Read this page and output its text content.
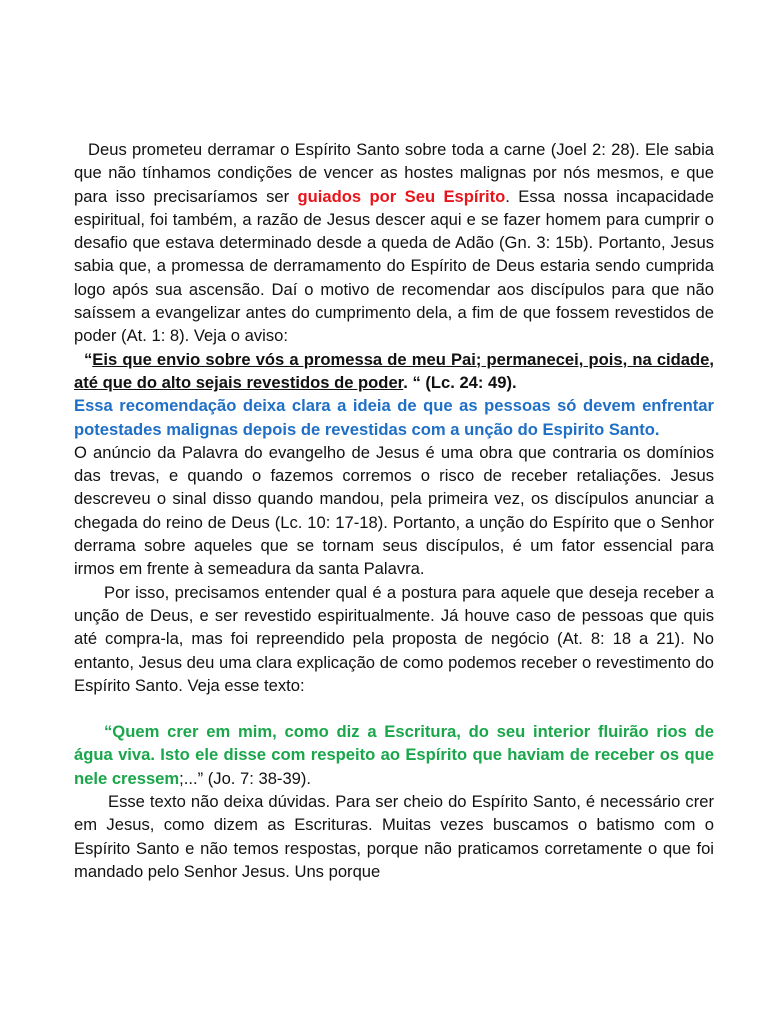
Deus prometeu derramar o Espírito Santo sobre toda a carne (Joel 2: 28). Ele sabia que não tínhamos condições de vencer as hostes malignas por nós mesmos, e que para isso precisaríamos ser guiados por Seu Espírito. Essa nossa incapacidade espiritual, foi também, a razão de Jesus descer aqui e se fazer homem para cumprir o desafio que estava determinado desde a queda de Adão (Gn. 3: 15b). Portanto, Jesus sabia que, a promessa de derramamento do Espírito de Deus estaria sendo cumprida logo após sua ascensão. Daí o motivo de recomendar aos discípulos para que não saíssem a evangelizar antes do cumprimento dela, a fim de que fossem revestidos de poder (At. 1: 8). Veja o aviso:

“Eis que envio sobre vós a promessa de meu Pai; permanecei, pois, na cidade, até que do alto sejais revestidos de poder. “ (Lc. 24: 49).

Essa recomendação deixa clara a ideia de que as pessoas só devem enfrentar potestades malignas depois de revestidas com a unção do Espirito Santo.

O anúncio da Palavra do evangelho de Jesus é uma obra que contraria os domínios das trevas, e quando o fazemos corremos o risco de receber retaliações. Jesus descreveu o sinal disso quando mandou, pela primeira vez, os discípulos anunciar a chegada do reino de Deus (Lc. 10: 17-18). Portanto, a unção do Espírito que o Senhor derrama sobre aqueles que se tornam seus discípulos, é um fator essencial para irmos em frente à semeadura da santa Palavra.

Por isso, precisamos entender qual é a postura para aquele que deseja receber a unção de Deus, e ser revestido espiritualmente. Já houve caso de pessoas que quis até compra-la, mas foi repreendido pela proposta de negócio (At. 8: 18 a 21). No entanto, Jesus deu uma clara explicação de como podemos receber o revestimento do Espírito Santo. Veja esse texto:

“Quem crer em mim, como diz a Escritura, do seu interior fluirão rios de água viva. Isto ele disse com respeito ao Espírito que haviam de receber os que nele cressem;...” (Jo. 7: 38-39).

Esse texto não deixa dúvidas. Para ser cheio do Espírito Santo, é necessário crer em Jesus, como dizem as Escrituras. Muitas vezes buscamos o batismo com o Espírito Santo e não temos respostas, porque não praticamos corretamente o que foi mandado pelo Senhor Jesus. Uns porque
